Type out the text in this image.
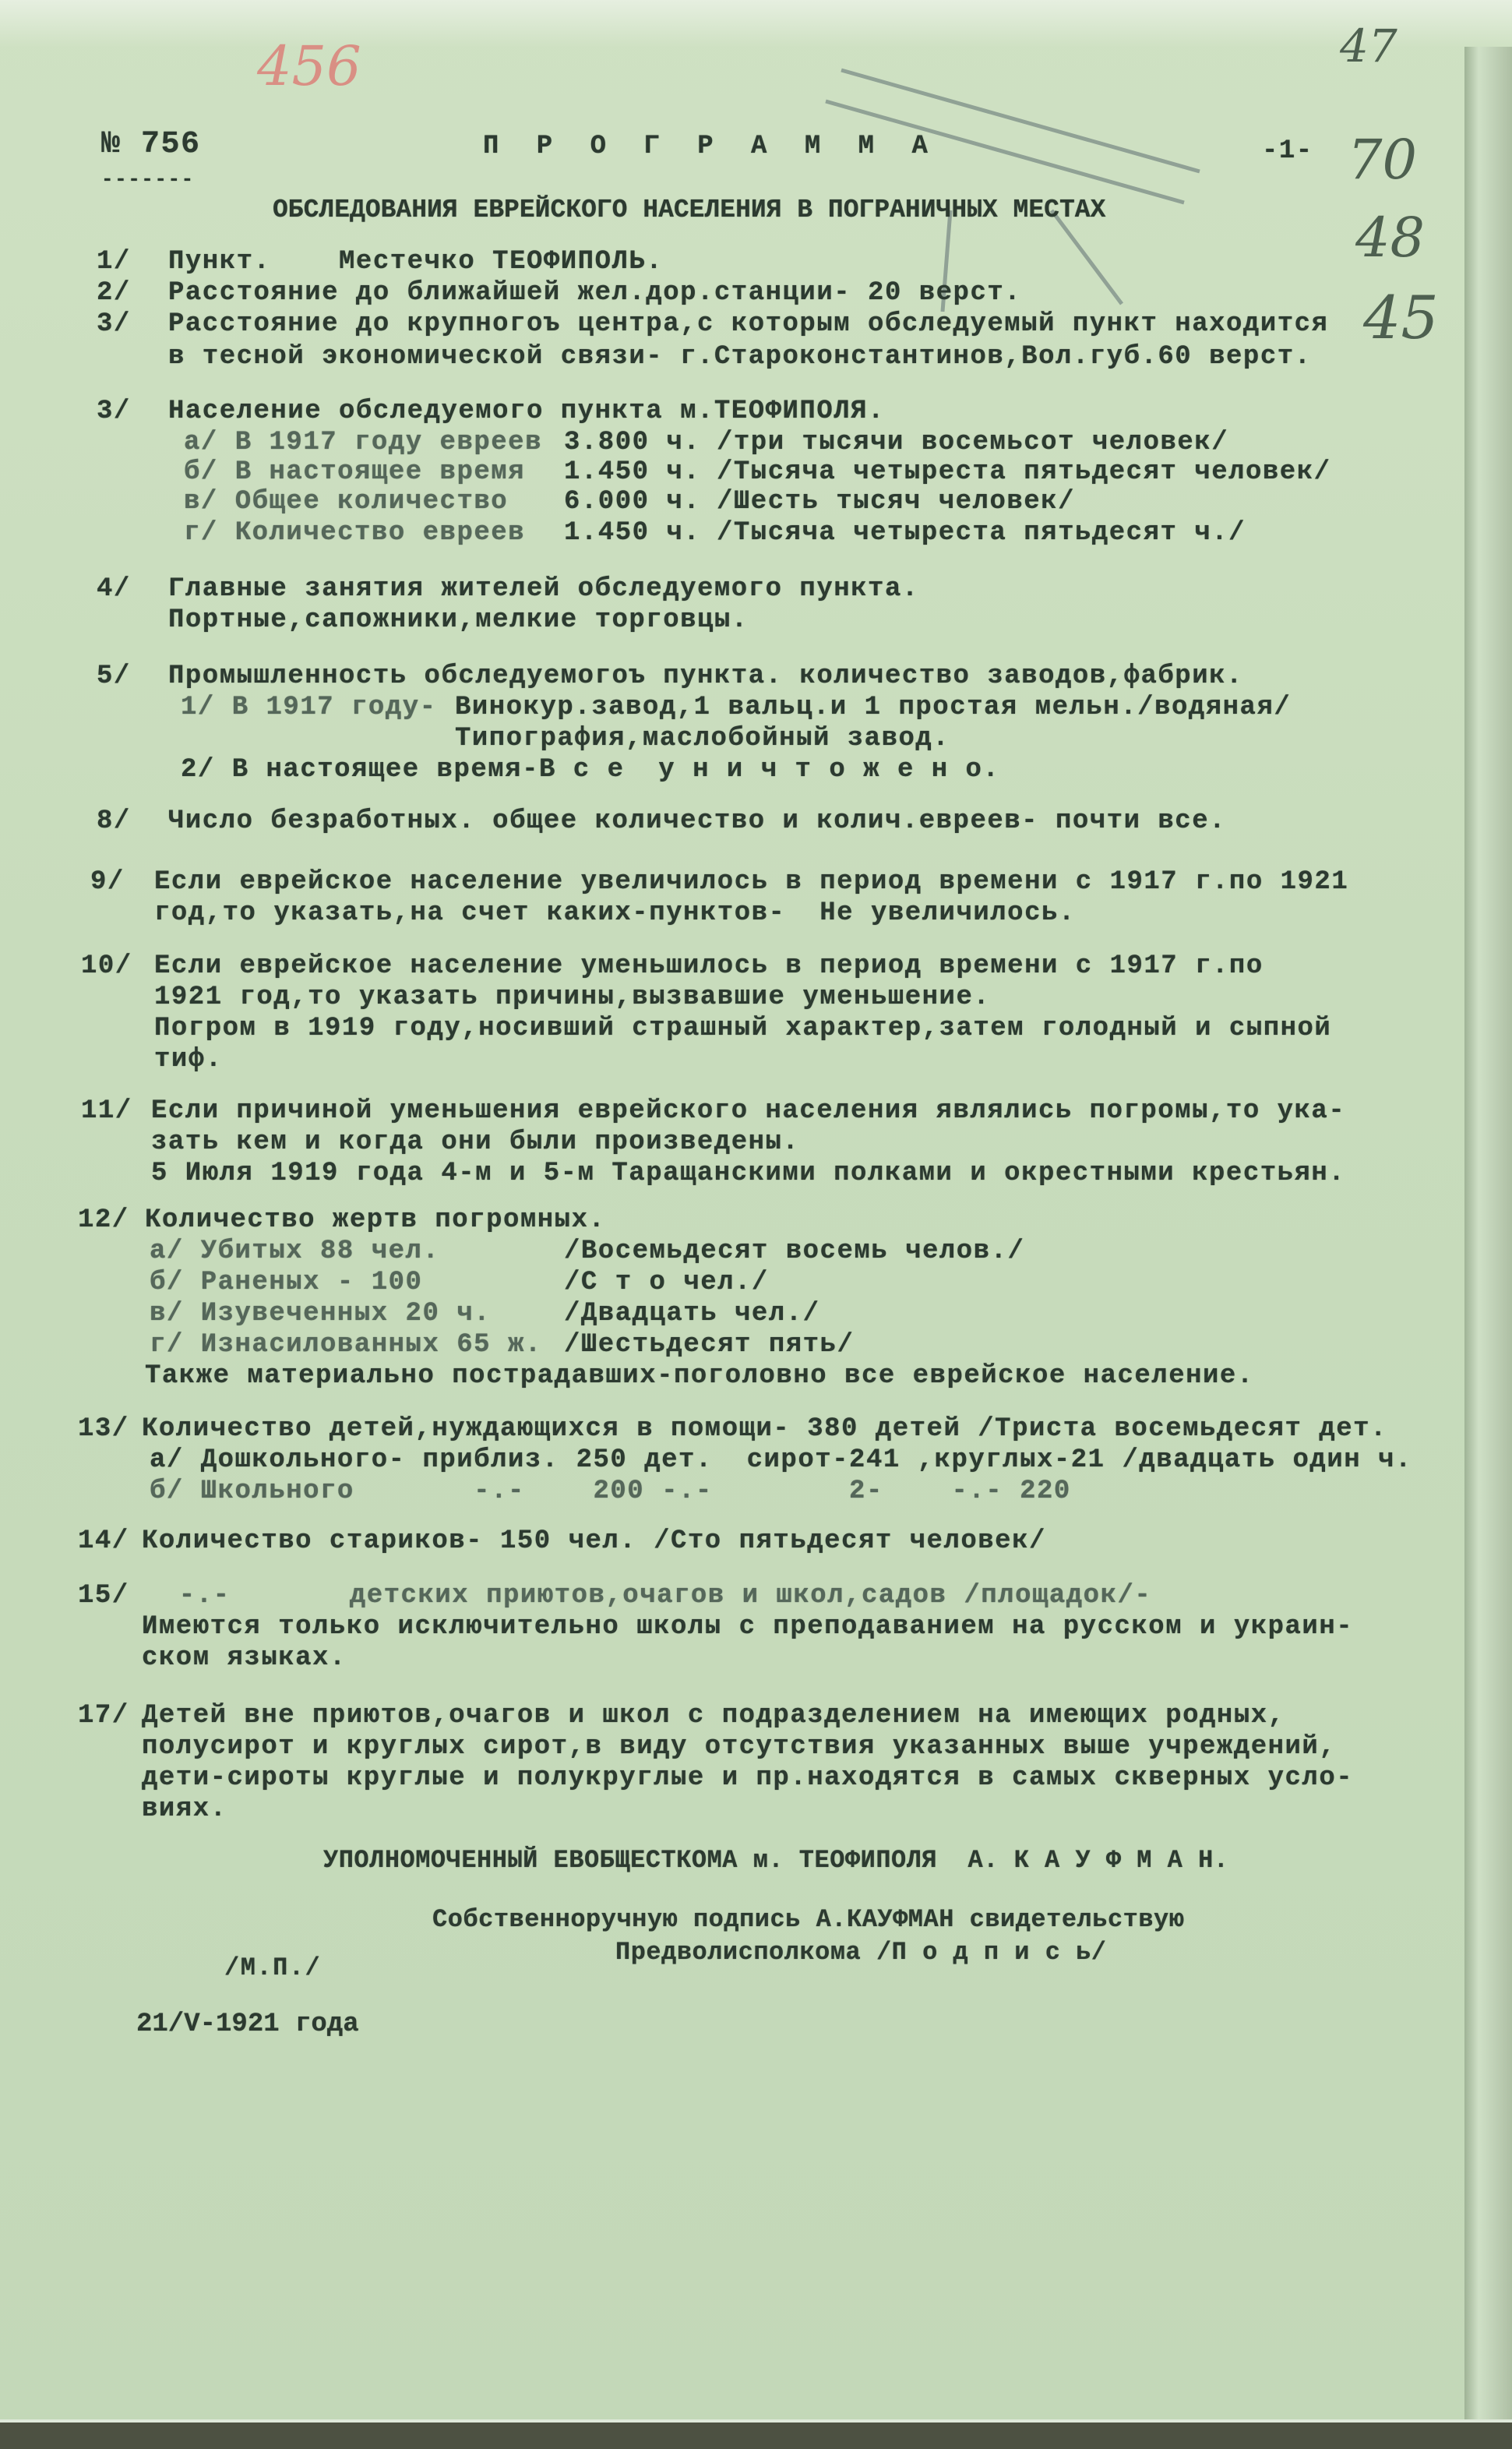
456	47
70
48
45
№ 756
-------
П Р О Г Р А М М А	-1-
ОБСЛЕДОВАНИЯ ЕВРЕЙСКОГО НАСЕЛЕНИЯ В ПОГРАНИЧНЫХ МЕСТАХ
1/ Пункт.    Местечко ТЕОФИПОЛЬ.
2/ Расстояние до ближайшей жел.дор.станции- 20 верст.
3/ Расстояние до крупногоъ центра,с которым обследуемый пункт находится
в тесной экономической связи- г.Староконстантинов,Вол.губ.60 верст.
3/ Население обследуемого пункта м.ТЕОФИПОЛЯ.
а/ В 1917 году евреев 3.800 ч. /три тысячи восемьсот человек/
б/ В настоящее время 1.450 ч. /Тысяча четыреста пятьдесят человек/
в/ Общее количество 6.000 ч. /Шесть тысяч человек/
г/ Количество евреев 1.450 ч. /Тысяча четыреста пятьдесят ч./
4/ Главные занятия жителей обследуемого пункта.
Портные,сапожники,мелкие торговцы.
5/ Промышленность обследуемогоъ пункта. количество заводов,фабрик.
1/ В 1917 году- Винокур.завод,1 вальц.и 1 простая мельн./водяная/
Типография,маслобойный завод.
2/ В настоящее время-В с е  у н и ч т о ж е н о.
8/ Число безработных. общее количество и колич.евреев- почти все.
9/ Если еврейское население увеличилось в период времени с 1917 г.по 1921
год,то указать,на счет каких-пунктов-  Не увеличилось.
10/ Если еврейское население уменьшилось в период времени с 1917 г.по
1921 год,то указать причины,вызвавшие уменьшение.
Погром в 1919 году,носивший страшный характер,затем голодный и сыпной
тиф.
11/ Если причиной уменьшения еврейского населения являлись погромы,то ука-
зать кем и когда они были произведены.
5 Июля 1919 года 4-м и 5-м Таращанскими полками и окрестными крестьян.
12/ Количество жертв погромных.
а/ Убитых 88 чел.	/Восемьдесят восемь челов./
б/ Раненых - 100	/С т о чел./
в/ Изувеченных 20 ч.	/Двадцать чел./
г/ Изнасилованных 65 ж. /Шестьдесят пять/
Также материально пострадавших-поголовно все еврейское население.
13/ Количество детей,нуждающихся в помощи- 380 детей /Триста восемьдесят дет.
а/ Дошкольного- приблиз. 250 дет.  сирот-241 ,круглых-21 /двадцать один ч.
б/ Школьного       -.-    200 -.-        2-    -.- 220
14/ Количество стариков- 150 чел. /Сто пятьдесят человек/
15/ -.-       детских приютов,очагов и школ,садов /площадок/-
Имеются только исключительно школы с преподаванием на русском и украин-
ском языках.
17/ Детей вне приютов,очагов и школ с подразделением на имеющих родных,
полусирот и круглых сирот,в виду отсутствия указанных выше учреждений,
дети-сироты круглые и полукруглые и пр.находятся в самых скверных усло-
виях.
УПОЛНОМОЧЕННЫЙ ЕВОБЩЕСТКОМА м. ТЕОФИПОЛЯ  А. К А У Ф М А Н.
Собственноручную подпись А.КАУФМАН свидетельствую
Предволисполкома /П о д п и с ь/
/М.П./
21/V-1921 года
